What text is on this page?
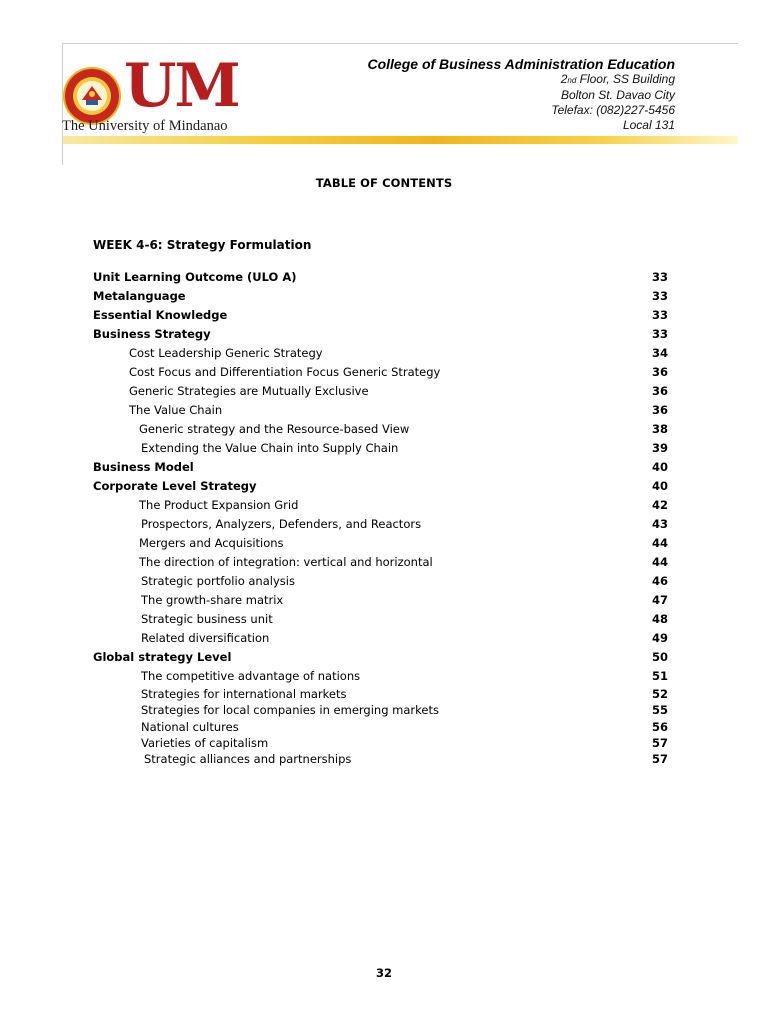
UM
The University of Mindanao
College of Business Administration Education
2nd Floor, SS Building
Bolton St. Davao City
Telefax: (082)227-5456
Local 131
TABLE OF CONTENTS
WEEK 4-6: Strategy Formulation
Unit Learning Outcome (ULO A)	33
Metalanguage	33
Essential Knowledge	33
Business Strategy	33
Cost Leadership Generic Strategy	34
Cost Focus and Differentiation Focus Generic Strategy	36
Generic Strategies are Mutually Exclusive	36
The Value Chain	36
Generic strategy and the Resource-based View	38
Extending the Value Chain into Supply Chain	39
Business Model	40
Corporate Level Strategy	40
The Product Expansion Grid	42
Prospectors, Analyzers, Defenders, and Reactors	43
Mergers and Acquisitions	44
The direction of integration: vertical and horizontal	44
Strategic portfolio analysis	46
The growth-share matrix	47
Strategic business unit	48
Related diversification	49
Global strategy Level	50
The competitive advantage of nations	51
Strategies for international markets	52
Strategies for local companies in emerging markets	55
National cultures	56
Varieties of capitalism	57
Strategic alliances and partnerships	57
32
